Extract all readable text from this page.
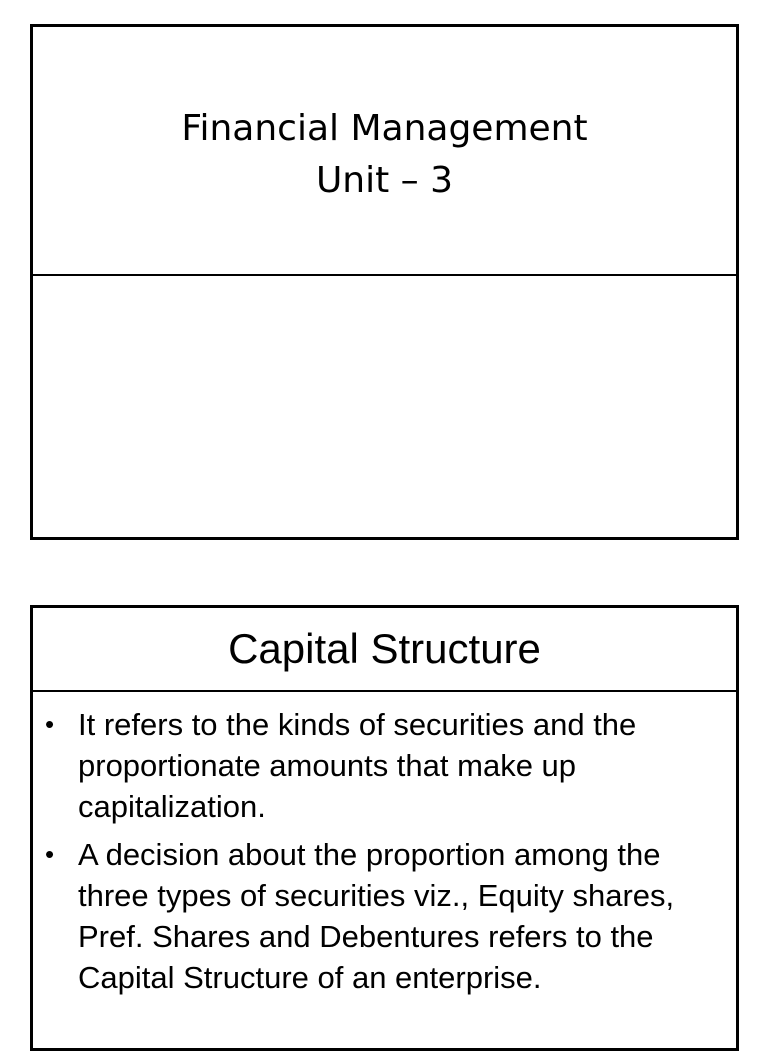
Financial Management
Unit – 3
Capital Structure
• It refers to the kinds of securities and the proportionate amounts that make up capitalization.
• A decision about the proportion among the three types of securities viz., Equity shares, Pref. Shares and Debentures refers to the Capital Structure of an enterprise.
